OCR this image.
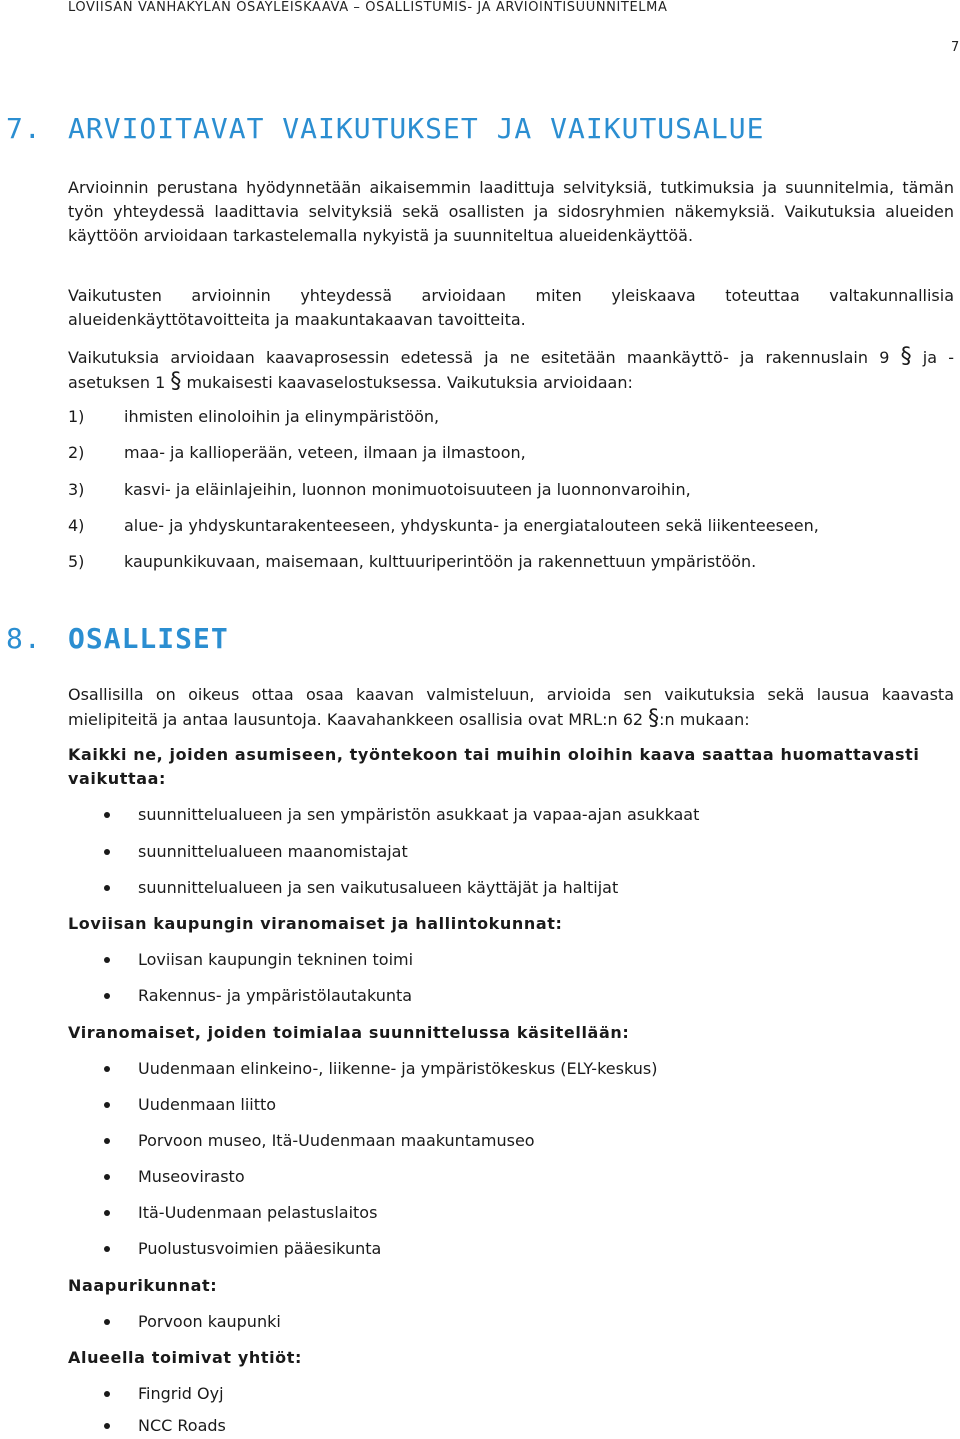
LOVIISAN VANHAKYLÄN OSAYLEISKAAVA – OSALLISTUMIS- JA ARVIOINTISUUNNITELMA
7
7. ARVIOITAVAT VAIKUTUKSET JA VAIKUTUSALUE
Arvioinnin perustana hyödynnetään aikaisemmin laadittuja selvityksiä, tutkimuksia ja suunnitelmia, tämän työn yhteydessä laadittavia selvityksiä sekä osallisten ja sidosryhmien näkemyksiä. Vaikutuksia alueiden käyttöön arvioidaan tarkastelemalla nykyistä ja suunniteltua alueidenkäyttöä.
Vaikutusten arvioinnin yhteydessä arvioidaan miten yleiskaava toteuttaa valtakunnallisia alueidenkäyttötavoitteita ja maakuntakaavan tavoitteita.
Vaikutuksia arvioidaan kaavaprosessin edetessä ja ne esitetään maankäyttö- ja rakennuslain 9 § ja -asetuksen 1 § mukaisesti kaavaselostuksessa. Vaikutuksia arvioidaan:
1) ihmisten elinoloihin ja elinympäristöön,
2) maa- ja kallioperään, veteen, ilmaan ja ilmastoon,
3) kasvi- ja eläinlajeihin, luonnon monimuotoisuuteen ja luonnonvaroihin,
4) alue- ja yhdyskuntarakenteeseen, yhdyskunta- ja energiatalouteen sekä liikenteeseen,
5) kaupunkikuvaan, maisemaan, kulttuuriperintöön ja rakennettuun ympäristöön.
8. OSALLISET
Osallisilla on oikeus ottaa osaa kaavan valmisteluun, arvioida sen vaikutuksia sekä lausua kaavasta mielipiteitä ja antaa lausuntoja. Kaavahankkeen osallisia ovat MRL:n 62 §:n mukaan:
Kaikki ne, joiden asumiseen, työntekoon tai muihin oloihin kaava saattaa huomattavasti vaikuttaa:
suunnittelualueen ja sen ympäristön asukkaat ja vapaa-ajan asukkaat
suunnittelualueen maanomistajat
suunnittelualueen ja sen vaikutusalueen käyttäjät ja haltijat
Loviisan kaupungin viranomaiset ja hallintokunnat:
Loviisan kaupungin tekninen toimi
Rakennus- ja ympäristölautakunta
Viranomaiset, joiden toimialaa suunnittelussa käsitellään:
Uudenmaan elinkeino-, liikenne- ja ympäristökeskus (ELY-keskus)
Uudenmaan liitto
Porvoon museo, Itä-Uudenmaan maakuntamuseo
Museovirasto
Itä-Uudenmaan pelastuslaitos
Puolustusvoimien pääesikunta
Naapurikunnat:
Porvoon kaupunki
Alueella toimivat yhtiöt:
Fingrid Oyj
NCC Roads
